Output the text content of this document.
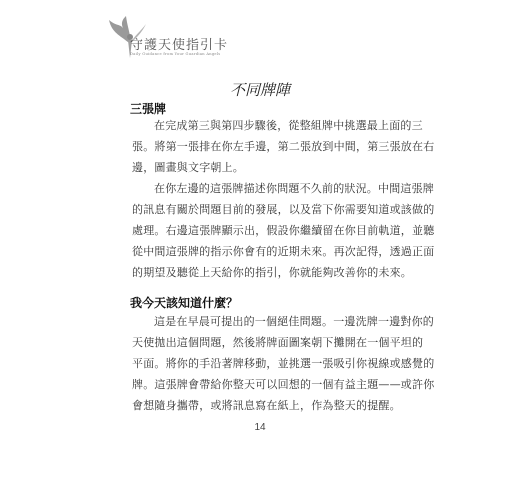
守護天使指引卡
Daily Guidance from Your Guardian Angels
不同牌陣
三張牌
在完成第三與第四步驟後，從整組牌中挑選最上面的三
張。將第一張排在你左手邊，第二張放到中間，第三張放在右
邊，圖畫與文字朝上。
在你左邊的這張牌描述你問題不久前的狀況。中間這張牌
的訊息有關於問題目前的發展，以及當下你需要知道或該做的
處理。右邊這張牌顯示出，假設你繼續留在你目前軌道，並聽
從中間這張牌的指示你會有的近期未來。再次記得，透過正面
的期望及聽從上天給你的指引，你就能夠改善你的未來。
我今天該知道什麼？
這是在早晨可提出的一個絕佳問題。一邊洗牌一邊對你的
天使拋出這個問題，然後將牌面圖案朝下攤開在一個平坦的
平面。將你的手沿著牌移動，並挑選一張吸引你視線或感覺的
牌。這張牌會帶給你整天可以回想的一個有益主題——或許你
會想隨身攜帶，或將訊息寫在紙上，作為整天的提醒。
14
